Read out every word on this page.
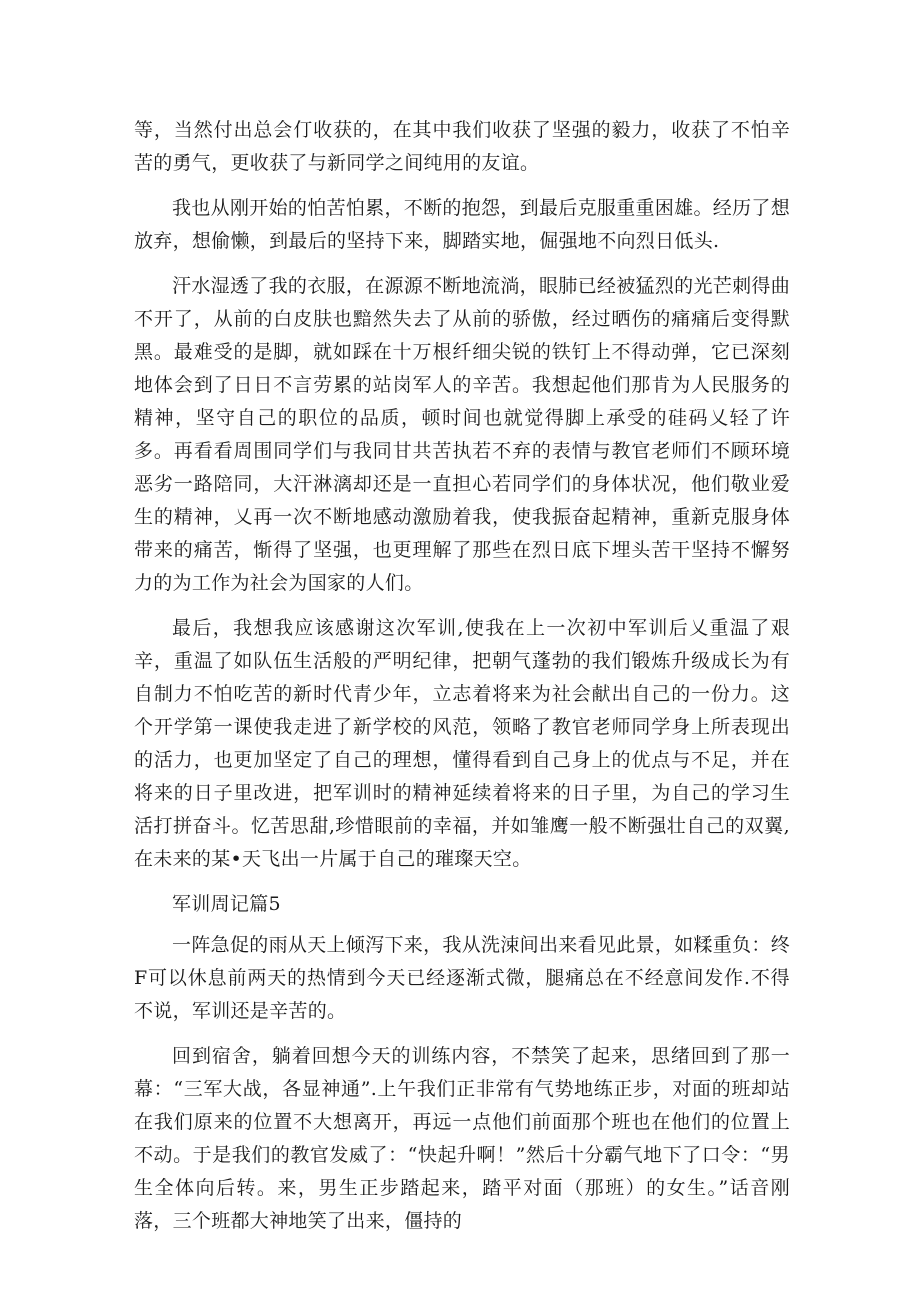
等，当然付出总会仃收获的，在其中我们收获了坚强的毅力，收获了不怕辛苦的勇气，更收获了与新同学之间纯用的友谊。

我也从刚开始的怕苦怕累，不断的抱怨，到最后克服重重困雄。经历了想放弃，想偷懒，到最后的坚持下来，脚踏实地，倔强地不向烈日低头.

汗水湿透了我的衣服，在源源不断地流淌，眼肺已经被猛烈的光芒刺得曲不开了，从前的白皮肤也黯然失去了从前的骄傲，经过晒伤的痛痛后变得默黑。最难受的是脚，就如踩在十万根纤细尖锐的铁钉上不得动弹，它已深刻地体会到了日日不言劳累的站岗军人的辛苦。我想起他们那肯为人民服务的精神，坚守自己的职位的品质，顿时间也就觉得脚上承受的硅码乂轻了许多。再看看周围同学们与我同甘共苦执若不弃的表情与教官老师们不顾环境恶劣一路陪同，大汗淋漓却还是一直担心若同学们的身体状况，他们敬业爱生的精神，乂再一次不断地感动激励着我，使我振奋起精神，重新克服身体带来的痛苦，惭得了坚强，也更理解了那些在烈日底下埋头苦干坚持不懈努力的为工作为社会为国家的人们。

最后，我想我应该感谢这次军训,使我在上一次初中军训后乂重温了艰辛，重温了如队伍生活般的严明纪律，把朝气蓬勃的我们锻炼升级成长为有自制力不怕吃苦的新时代青少年，立志着将来为社会献出自己的一份力。这个开学第一课使我走进了新学校的风范，领略了教官老师同学身上所表现出的活力，也更加坚定了自己的理想，懂得看到自己身上的优点与不足，并在将来的日子里改进，把军训时的精神延续着将来的日子里，为自己的学习生活打拼奋斗。忆苦思甜,珍惜眼前的幸福，并如雏鹰一般不断强壮自己的双翼,在未来的某•天飞出一片属于自己的璀璨天空。

军训周记篇5

一阵急促的雨从天上倾泻下来，我从洗涑间出来看见此景，如糅重负：终F可以休息前两天的热情到今天已经逐渐式微，腿痛总在不经意间发作.不得不说，军训还是辛苦的。

回到宿舍，躺着回想今天的训练内容，不禁笑了起来，思绪回到了那一幕：“三军大战，各显神通”.上午我们正非常有气势地练正步，对面的班却站在我们原来的位置不大想离开，再远一点他们前面那个班也在他们的位置上不动。于是我们的教官发威了：“快起升啊！”然后十分霸气地下了口令：“男生全体向后转。来，男生正步踏起来，踏平对面（那班）的女生。”话音刚落，三个班都大神地笑了出来，僵持的
